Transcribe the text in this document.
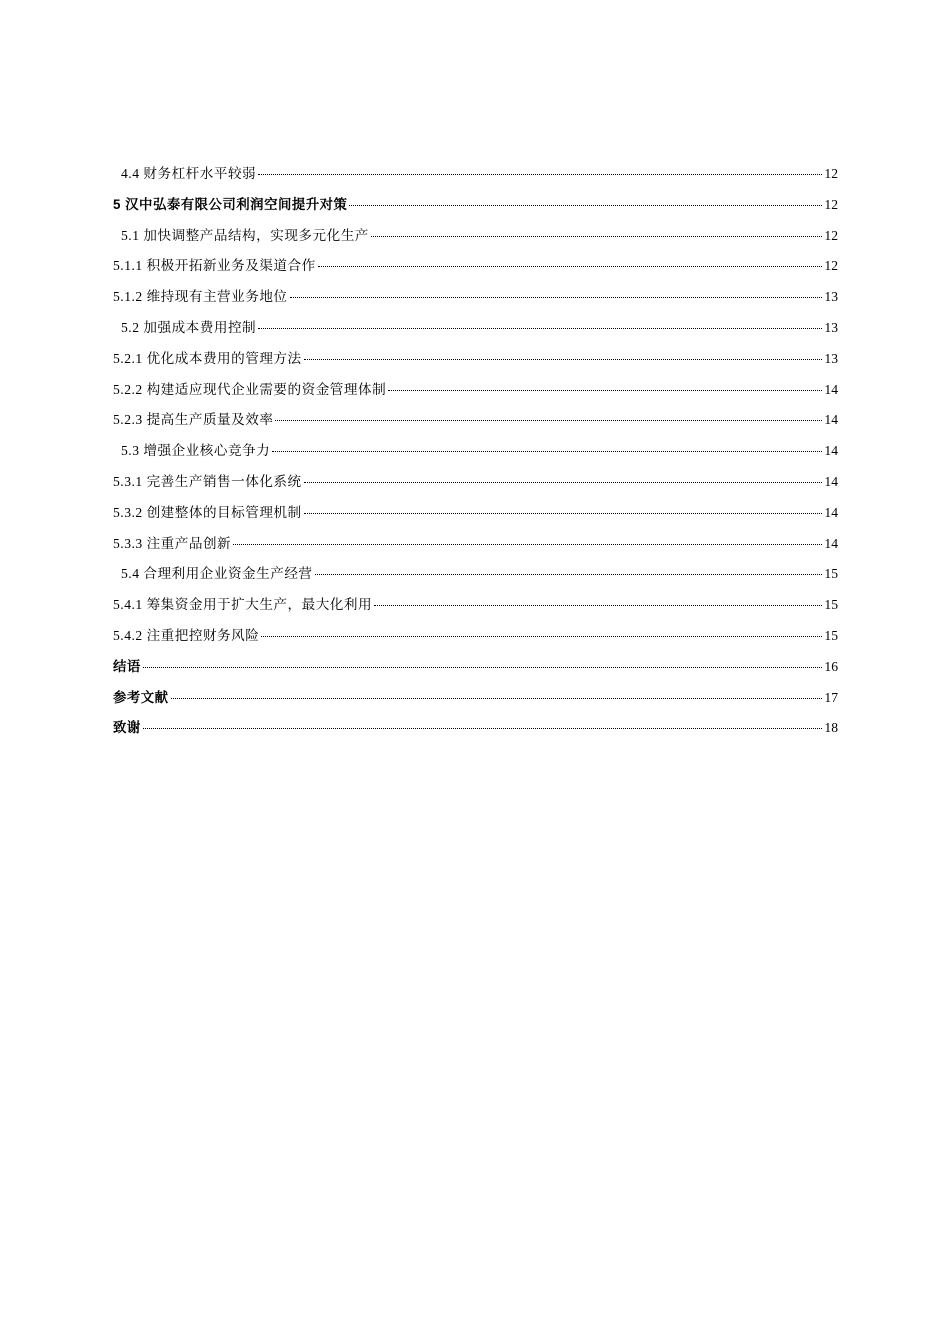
4.4 财务杠杆水平较弱	12
5 汉中弘泰有限公司利润空间提升对策	12
5.1 加快调整产品结构，实现多元化生产	12
5.1.1 积极开拓新业务及渠道合作	12
5.1.2 维持现有主营业务地位	13
5.2 加强成本费用控制	13
5.2.1 优化成本费用的管理方法	13
5.2.2 构建适应现代企业需要的资金管理体制	14
5.2.3 提高生产质量及效率	14
5.3 增强企业核心竞争力	14
5.3.1 完善生产销售一体化系统	14
5.3.2 创建整体的目标管理机制	14
5.3.3 注重产品创新	14
5.4 合理利用企业资金生产经营	15
5.4.1 筹集资金用于扩大生产，最大化利用	15
5.4.2 注重把控财务风险	15
结语	16
参考文献	17
致谢	18
